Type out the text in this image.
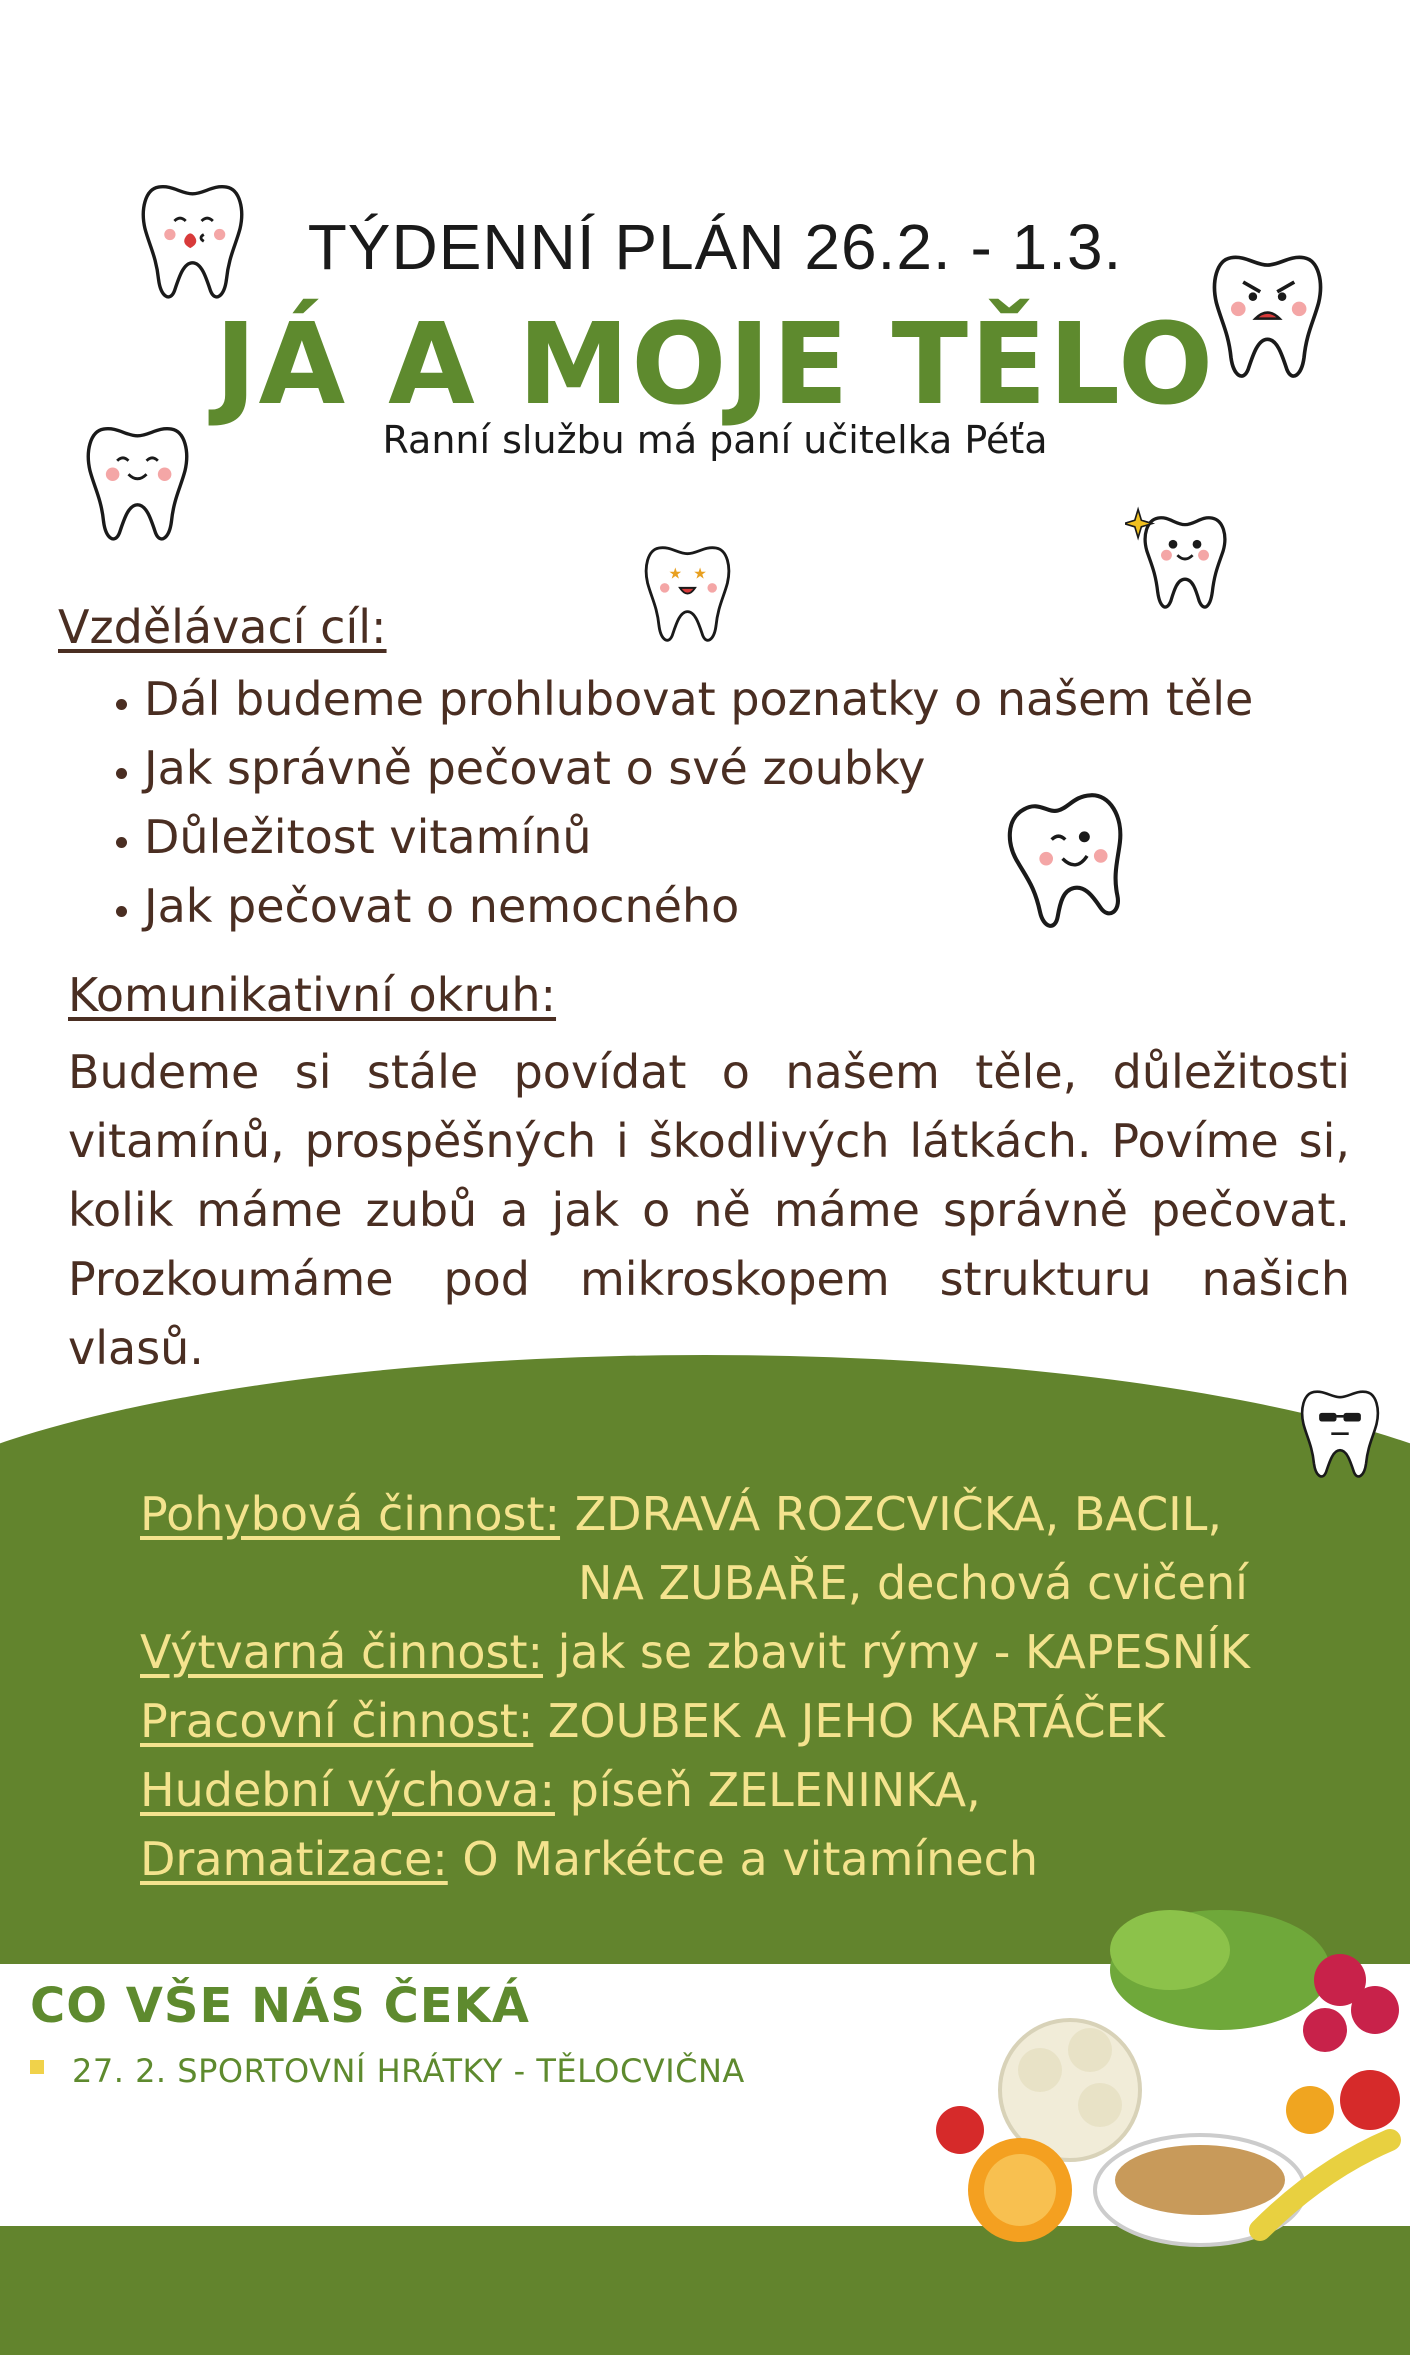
TÝDENNÍ PLÁN 26.2. - 1.3.
JÁ A MOJE TĚLO
Ranní službu má paní učitelka Péťa
Vzdělávací cíl:
• Dál budeme prohlubovat poznatky o našem těle
• Jak správně pečovat o své zoubky
• Důležitost vitamínů
• Jak pečovat o nemocného
Komunikativní okruh:

Budeme si stále povídat o našem těle, důležitosti vitamínů, prospěšných i škodlivých látkách. Povíme si, kolik máme zubů a jak o ně máme správně pečovat. Prozkoumáme pod mikroskopem strukturu našich vlasů.

Pohybová činnost: ZDRAVÁ ROZCVIČKA, BACIL,
NA ZUBAŘE, dechová cvičení
Výtvarná činnost: jak se zbavit rýmy - KAPESNÍK
Pracovní činnost: ZOUBEK A JEHO KARTÁČEK
Hudební výchova: píseň ZELENINKA,
Dramatizace: O Markétce a vitamínech
CO VŠE NÁS ČEKÁ
27. 2. SPORTOVNÍ HRÁTKY - TĚLOCVIČNA
★ ★
